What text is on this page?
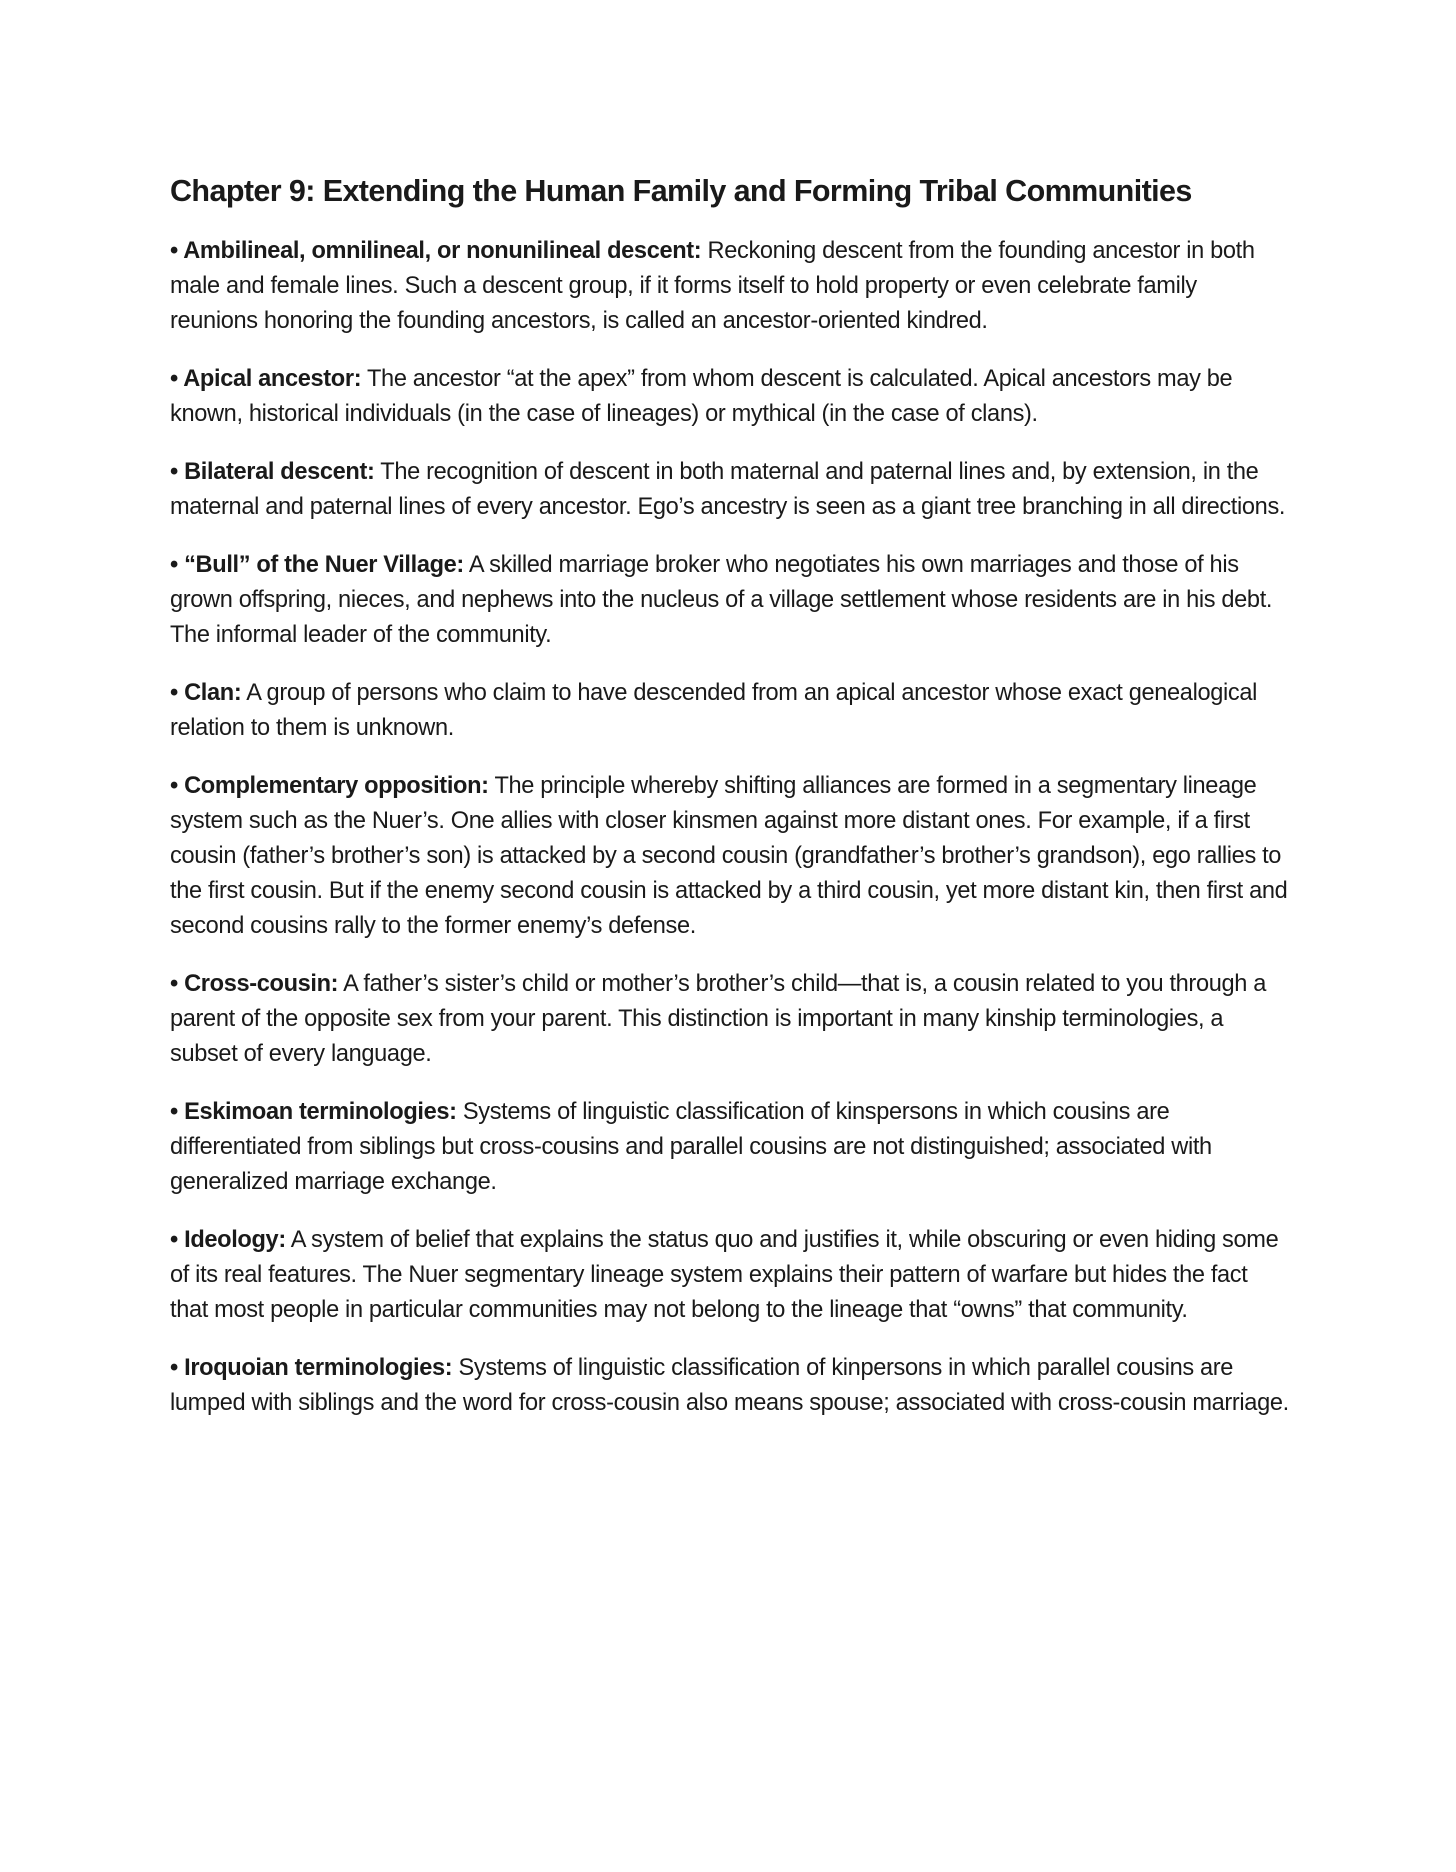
Chapter 9: Extending the Human Family and Forming Tribal Communities

• Ambilineal, omnilineal, or nonunilineal descent: Reckoning descent from the founding ancestor in both male and female lines. Such a descent group, if it forms itself to hold property or even celebrate family reunions honoring the founding ancestors, is called an ancestor-oriented kindred.

• Apical ancestor: The ancestor “at the apex” from whom descent is calculated. Apical ancestors may be known, historical individuals (in the case of lineages) or mythical (in the case of clans).

• Bilateral descent: The recognition of descent in both maternal and paternal lines and, by extension, in the maternal and paternal lines of every ancestor. Ego’s ancestry is seen as a giant tree branching in all directions.

• “Bull” of the Nuer Village: A skilled marriage broker who negotiates his own marriages and those of his grown offspring, nieces, and nephews into the nucleus of a village settlement whose residents are in his debt. The informal leader of the community.

• Clan: A group of persons who claim to have descended from an apical ancestor whose exact genealogical relation to them is unknown.

• Complementary opposition: The principle whereby shifting alliances are formed in a segmentary lineage system such as the Nuer’s. One allies with closer kinsmen against more distant ones. For example, if a first cousin (father’s brother’s son) is attacked by a second cousin (grandfather’s brother’s grandson), ego rallies to the first cousin. But if the enemy second cousin is attacked by a third cousin, yet more distant kin, then first and second cousins rally to the former enemy’s defense.

• Cross-cousin: A father’s sister’s child or mother’s brother’s child—that is, a cousin related to you through a parent of the opposite sex from your parent. This distinction is important in many kinship terminologies, a subset of every language.

• Eskimoan terminologies: Systems of linguistic classification of kinspersons in which cousins are differentiated from siblings but cross-cousins and parallel cousins are not distinguished; associated with generalized marriage exchange.

• Ideology: A system of belief that explains the status quo and justifies it, while obscuring or even hiding some of its real features. The Nuer segmentary lineage system explains their pattern of warfare but hides the fact that most people in particular communities may not belong to the lineage that “owns” that community.

• Iroquoian terminologies: Systems of linguistic classification of kinpersons in which parallel cousins are lumped with siblings and the word for cross-cousin also means spouse; associated with cross-cousin marriage.
